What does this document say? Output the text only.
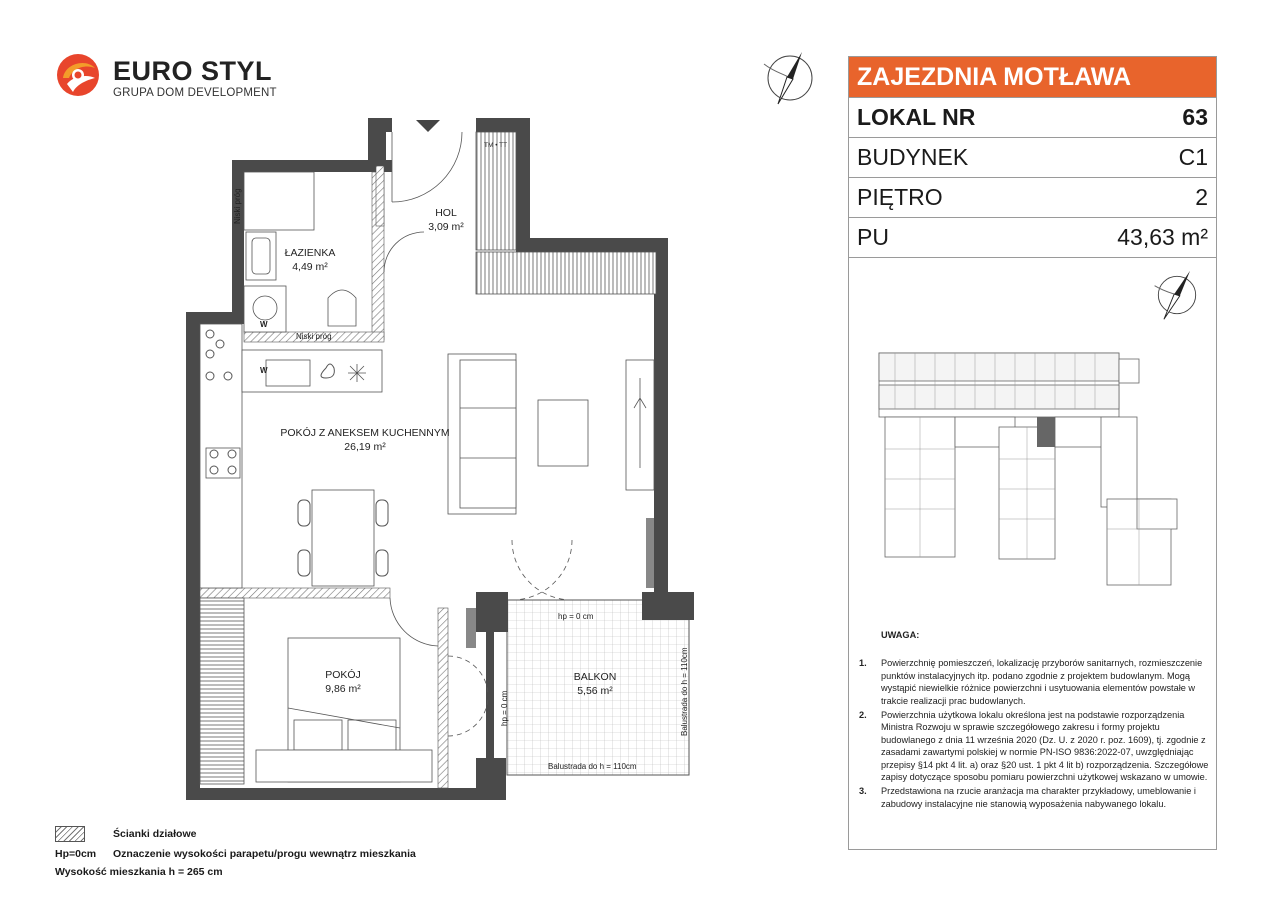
EURO STYL
GRUPA DOM DEVELOPMENT
HOL
3,09 m²
ŁAZIENKA
4,49 m²
POKÓJ Z ANEKSEM KUCHENNYM
26,19 m²
POKÓJ
9,86 m²
BALKON
5,56 m²
Niski próg
Niski próg
TM • TT
W
W
hp = 0 cm
hp = 0 cm	Balustrada do h = 110cm
Balustrada do h = 110cm
Ścianki działowe
Hp=0cm Oznaczenie wysokości parapetu/progu wewnątrz mieszkania
Wysokość mieszkania h = 265 cm
ZAJEZDNIA MOTŁAWA
LOKAL NR	63
BUDYNEK	C1
PIĘTRO	2
PU	43,63 m²
UWAGA:
1. Powierzchnię pomieszczeń, lokalizację przyborów sanitarnych, rozmieszczenie punktów instalacyjnych itp. podano zgodnie z projektem budowlanym. Mogą wystąpić niewielkie różnice powierzchni i usytuowania elementów powstałe w trakcie realizacji prac budowlanych.
2. Powierzchnia użytkowa lokalu określona jest na podstawie rozporządzenia Ministra Rozwoju w sprawie szczegółowego zakresu i formy projektu budowlanego z dnia 11 września 2020 (Dz. U. z 2020 r. poz. 1609), tj. zgodnie z zasadami zawartymi polskiej w normie PN-ISO 9836:2022-07, uwzględniając przepisy §14 pkt 4 lit. a) oraz §20 ust. 1 pkt 4 lit b) rozporządzenia. Szczegółowe zapisy dotyczące sposobu pomiaru powierzchni użytkowej wskazano w umowie.
3. Przedstawiona na rzucie aranżacja ma charakter przykładowy, umeblowanie i zabudowy instalacyjne nie stanowią wyposażenia nabywanego lokalu.
